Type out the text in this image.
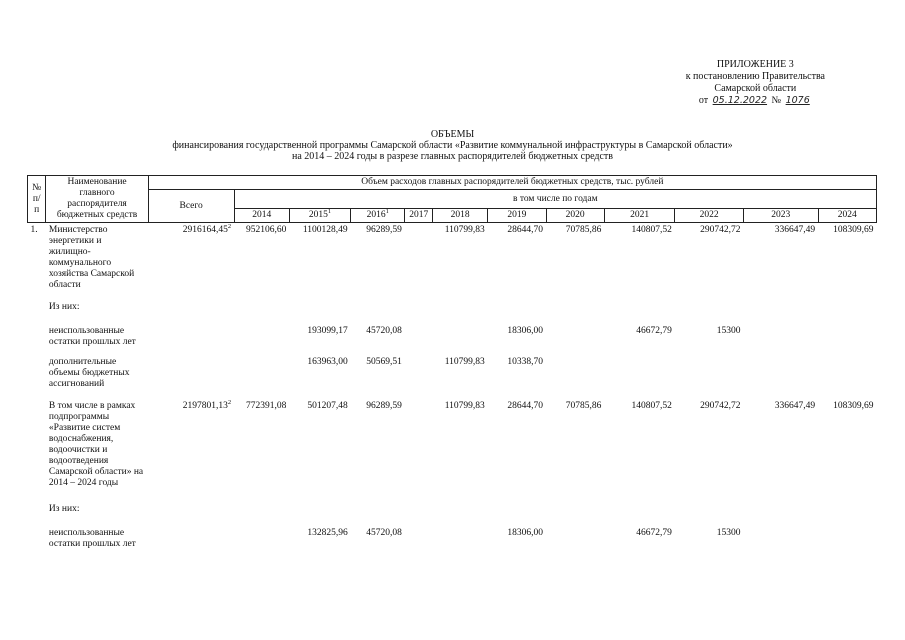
ПРИЛОЖЕНИЕ 3
к постановлению Правительства
Самарской области
от 05.12.2022 № 1076
ОБЪЕМЫ
финансирования государственной программы Самарской области «Развитие коммунальной инфраструктуры в Самарской области»
на 2014 – 2024 годы в разрезе главных распорядителей бюджетных средств
№ п/п	Наименование главного распорядителя бюджетных средств	Объем расходов главных распорядителей бюджетных средств, тыс. рублей											
		Всего	в том числе по годам										
			2014	2015$^1$	2016$^1$	2017	2018	2019	2020	2021	2022	2023	2024
1.	Министерство энергетики и жилищно-коммунального хозяйства Самарской области	2916164,45$^2$	952106,60	1100128,49	96289,59		110799,83	28644,70	70785,86	140807,52	290742,72	336647,49	108309,69
	Из них:												
	неиспользованные остатки прошлых лет			193099,17	45720,08			18306,00		46672,79	15300		
	дополнительные объемы бюджетных ассигнований			163963,00	50569,51		110799,83	10338,70					
	В том числе в рамках подпрограммы «Развитие систем водоснабжения, водоочистки и водоотведения Самарской области» на 2014 – 2024 годы	2197801,13$^2$	772391,08	501207,48	96289,59		110799,83	28644,70	70785,86	140807,52	290742,72	336647,49	108309,69
	Из них:												
	неиспользованные остатки прошлых лет			132825,96	45720,08			18306,00		46672,79	15300		
